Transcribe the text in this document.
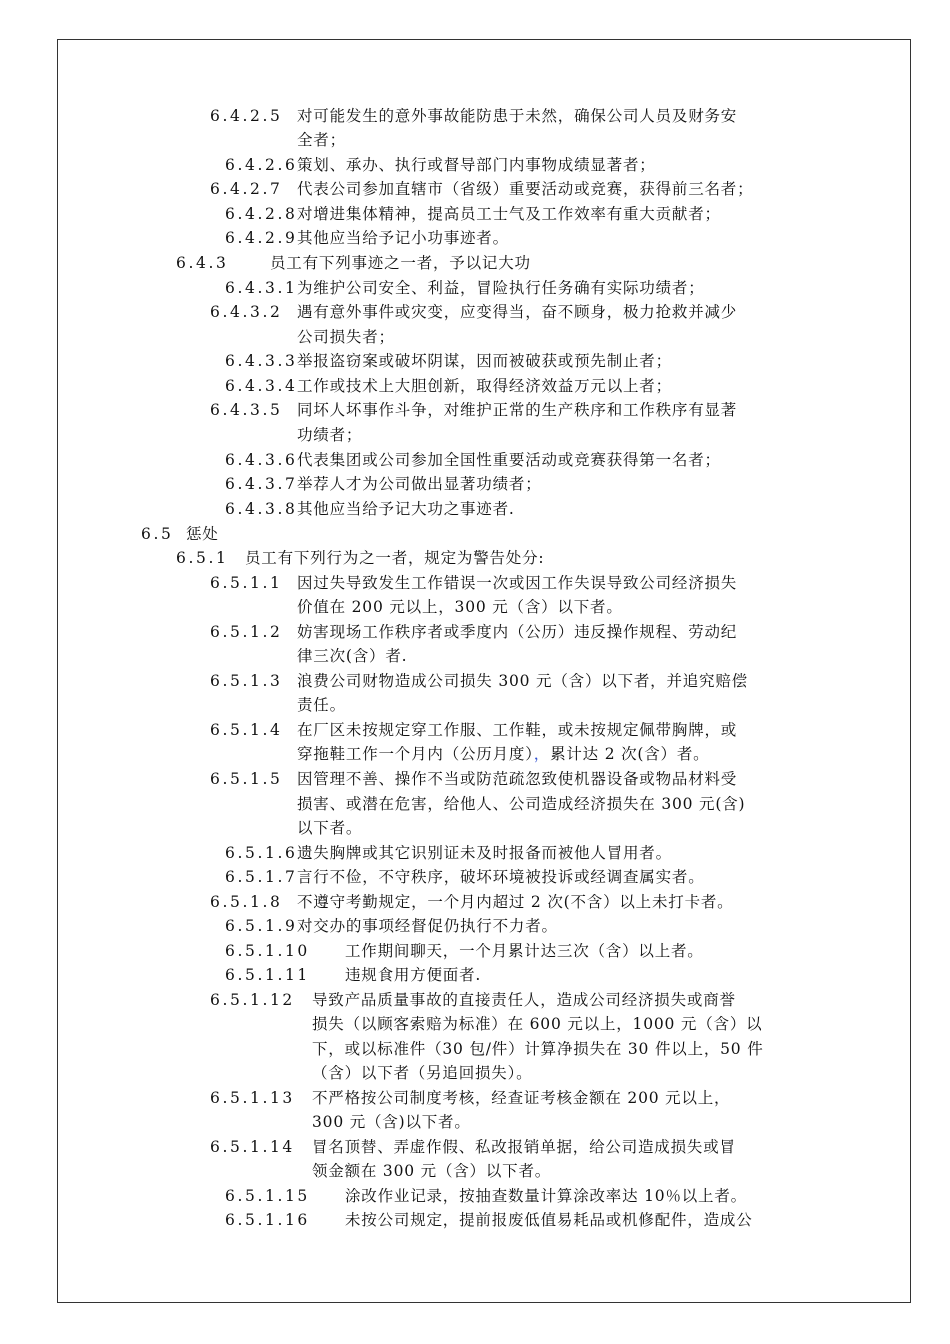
6.4.2.5 对可能发生的意外事故能防患于未然，确保公司人员及财务安
全者；
6.4.2.6 策划、承办、执行或督导部门内事物成绩显著者；
6.4.2.7 代表公司参加直辖市（省级）重要活动或竞赛，获得前三名者；
6.4.2.8 对增进集体精神，提高员工士气及工作效率有重大贡献者；
6.4.2.9 其他应当给予记小功事迹者。
6.4.3	员工有下列事迹之一者，予以记大功
6.4.3.1 为维护公司安全、利益，冒险执行任务确有实际功绩者；
6.4.3.2 遇有意外事件或灾变，应变得当，奋不顾身，极力抢救并减少
公司损失者；
6.4.3.3 举报盗窃案或破坏阴谋，因而被破获或预先制止者；
6.4.3.4 工作或技术上大胆创新，取得经济效益万元以上者；
6.4.3.5 同坏人坏事作斗争，对维护正常的生产秩序和工作秩序有显著
功绩者；
6.4.3.6 代表集团或公司参加全国性重要活动或竞赛获得第一名者；
6.4.3.7 举荐人才为公司做出显著功绩者；
6.4.3.8 其他应当给予记大功之事迹者.
6.5 惩处
6.5.1 员工有下列行为之一者，规定为警告处分:
6.5.1.1 因过失导致发生工作错误一次或因工作失误导致公司经济损失
价值在 200 元以上，300 元（含）以下者。
6.5.1.2 妨害现场工作秩序者或季度内（公历）违反操作规程、劳动纪
律三次(含）者.
6.5.1.3 浪费公司财物造成公司损失 300 元（含）以下者，并追究赔偿
责任。
6.5.1.4 在厂区未按规定穿工作服、工作鞋，或未按规定佩带胸牌，或
穿拖鞋工作一个月内（公历月度），累计达 2 次(含）者。
6.5.1.5 因管理不善、操作不当或防范疏忽致使机器设备或物品材料受
损害、或潜在危害，给他人、公司造成经济损失在 300 元(含)
以下者。
6.5.1.6 遗失胸牌或其它识别证未及时报备而被他人冒用者。
6.5.1.7 言行不俭，不守秩序，破坏环境被投诉或经调查属实者。
6.5.1.8 不遵守考勤规定，一个月内超过 2 次(不含）以上未打卡者。
6.5.1.9 对交办的事项经督促仍执行不力者。
6.5.1.10 工作期间聊天，一个月累计达三次（含）以上者。
6.5.1.11 违规食用方便面者.
6.5.1.12 导致产品质量事故的直接责任人，造成公司经济损失或商誉
损失（以顾客索赔为标准）在 600 元以上，1000 元（含）以
下，或以标准件（30 包/件）计算净损失在 30 件以上，50 件
（含）以下者（另追回损失）。
6.5.1.13 不严格按公司制度考核，经查证考核金额在 200 元以上，
300 元（含)以下者。
6.5.1.14 冒名顶替、弄虚作假、私改报销单据，给公司造成损失或冒
领金额在 300 元（含）以下者。
6.5.1.15 涂改作业记录，按抽查数量计算涂改率达 10％以上者。
6.5.1.16 未按公司规定，提前报废低值易耗品或机修配件，造成公
